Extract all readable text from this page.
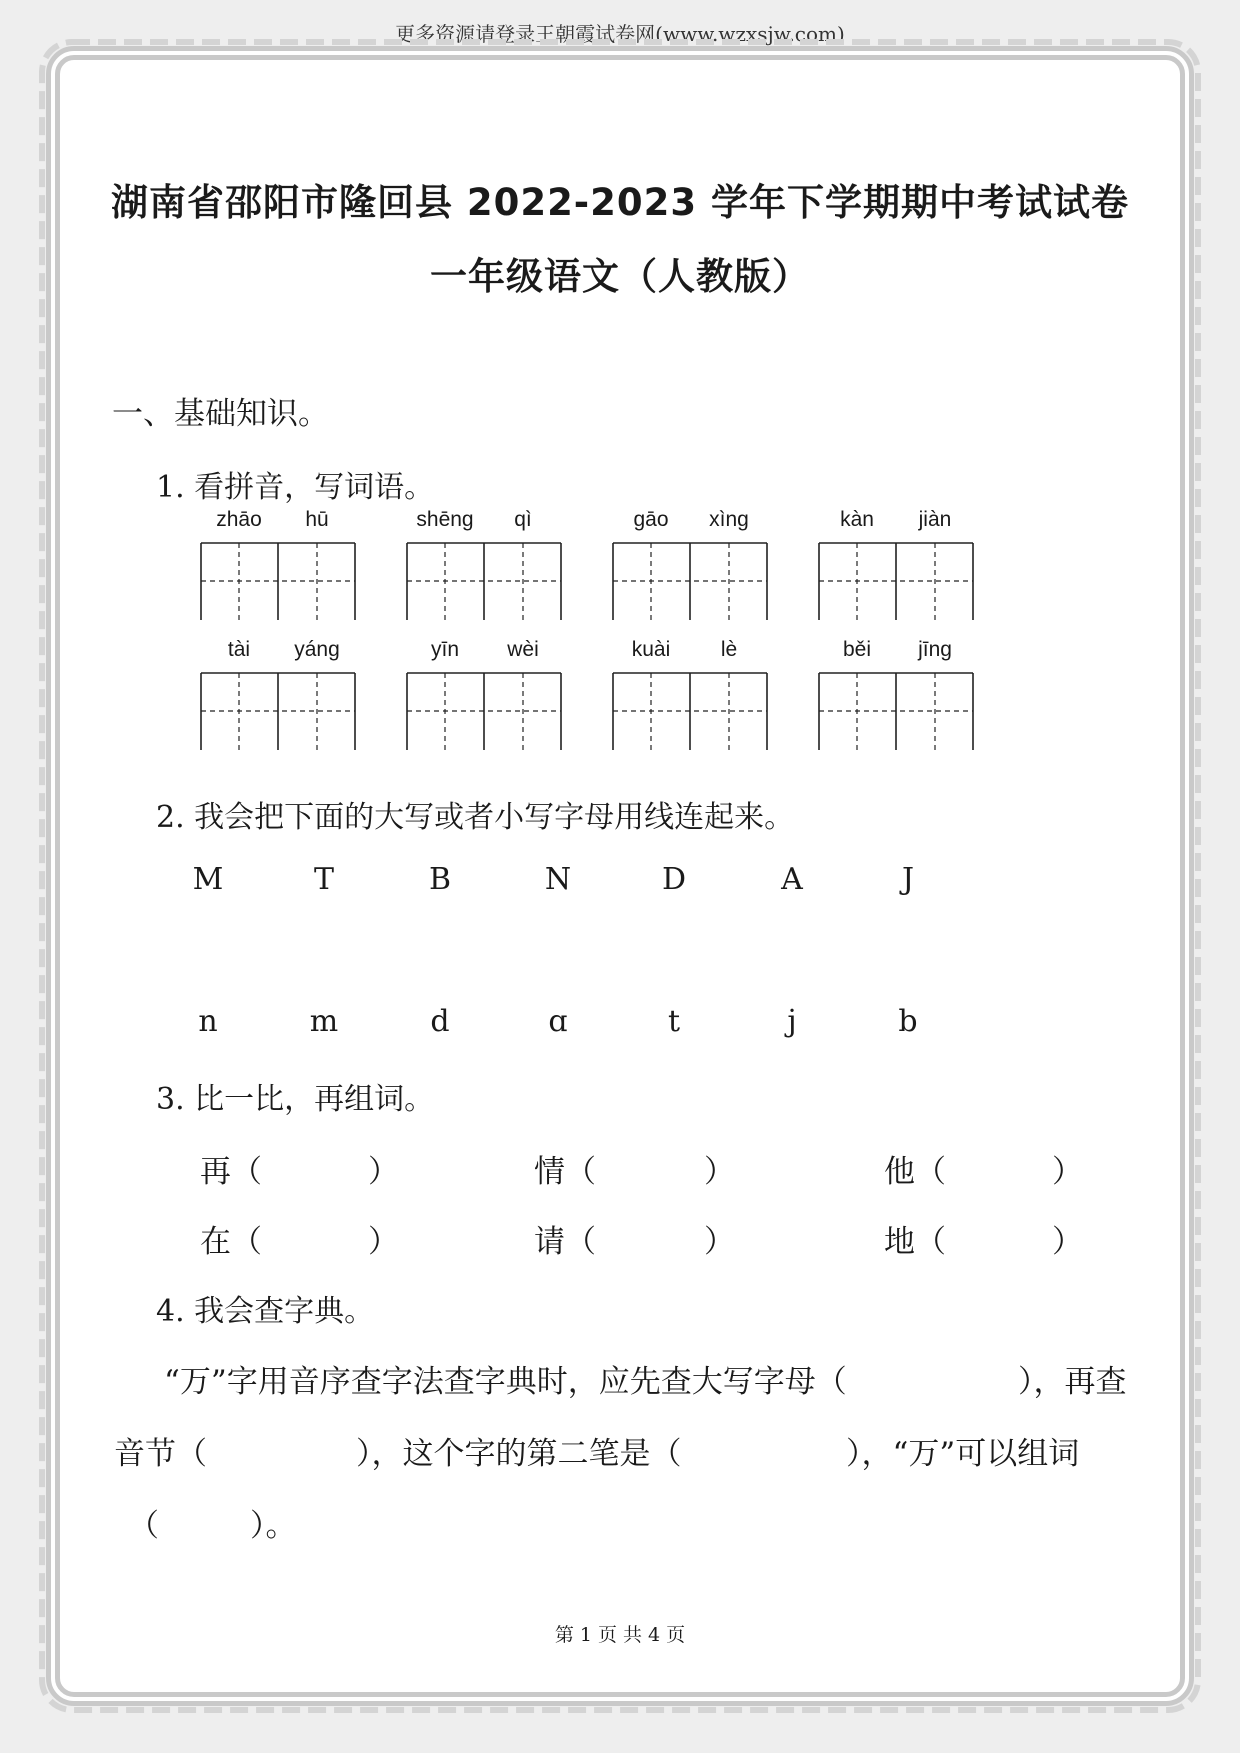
更多资源请登录王朝霞试卷网(www.wzxsjw.com)
湖南省邵阳市隆回县 2022-2023 学年下学期期中考试试卷
一年级语文（人教版）
一、基础知识。
1. 看拼音，写词语。
zhāo	hū	shēng	qì	gāo	xìng	kàn	jiàn
tài	yáng	yīn	wèi	kuài	lè	běi	jīng
2. 我会把下面的大写或者小写字母用线连起来。
M	T	B	N	D	A	J
n	m	d	ɑ	t	j	b
3. 比一比，再组词。
再（	）	情（	）	他（	）
在（	）	请（	）	地（	）
4. 我会查字典。
“万”字用音序查字法查字典时，应先查大写字母（	），再查
音节（	），这个字的第二笔是（	），“万”可以组词
（	）。
第 1 页 共 4 页
